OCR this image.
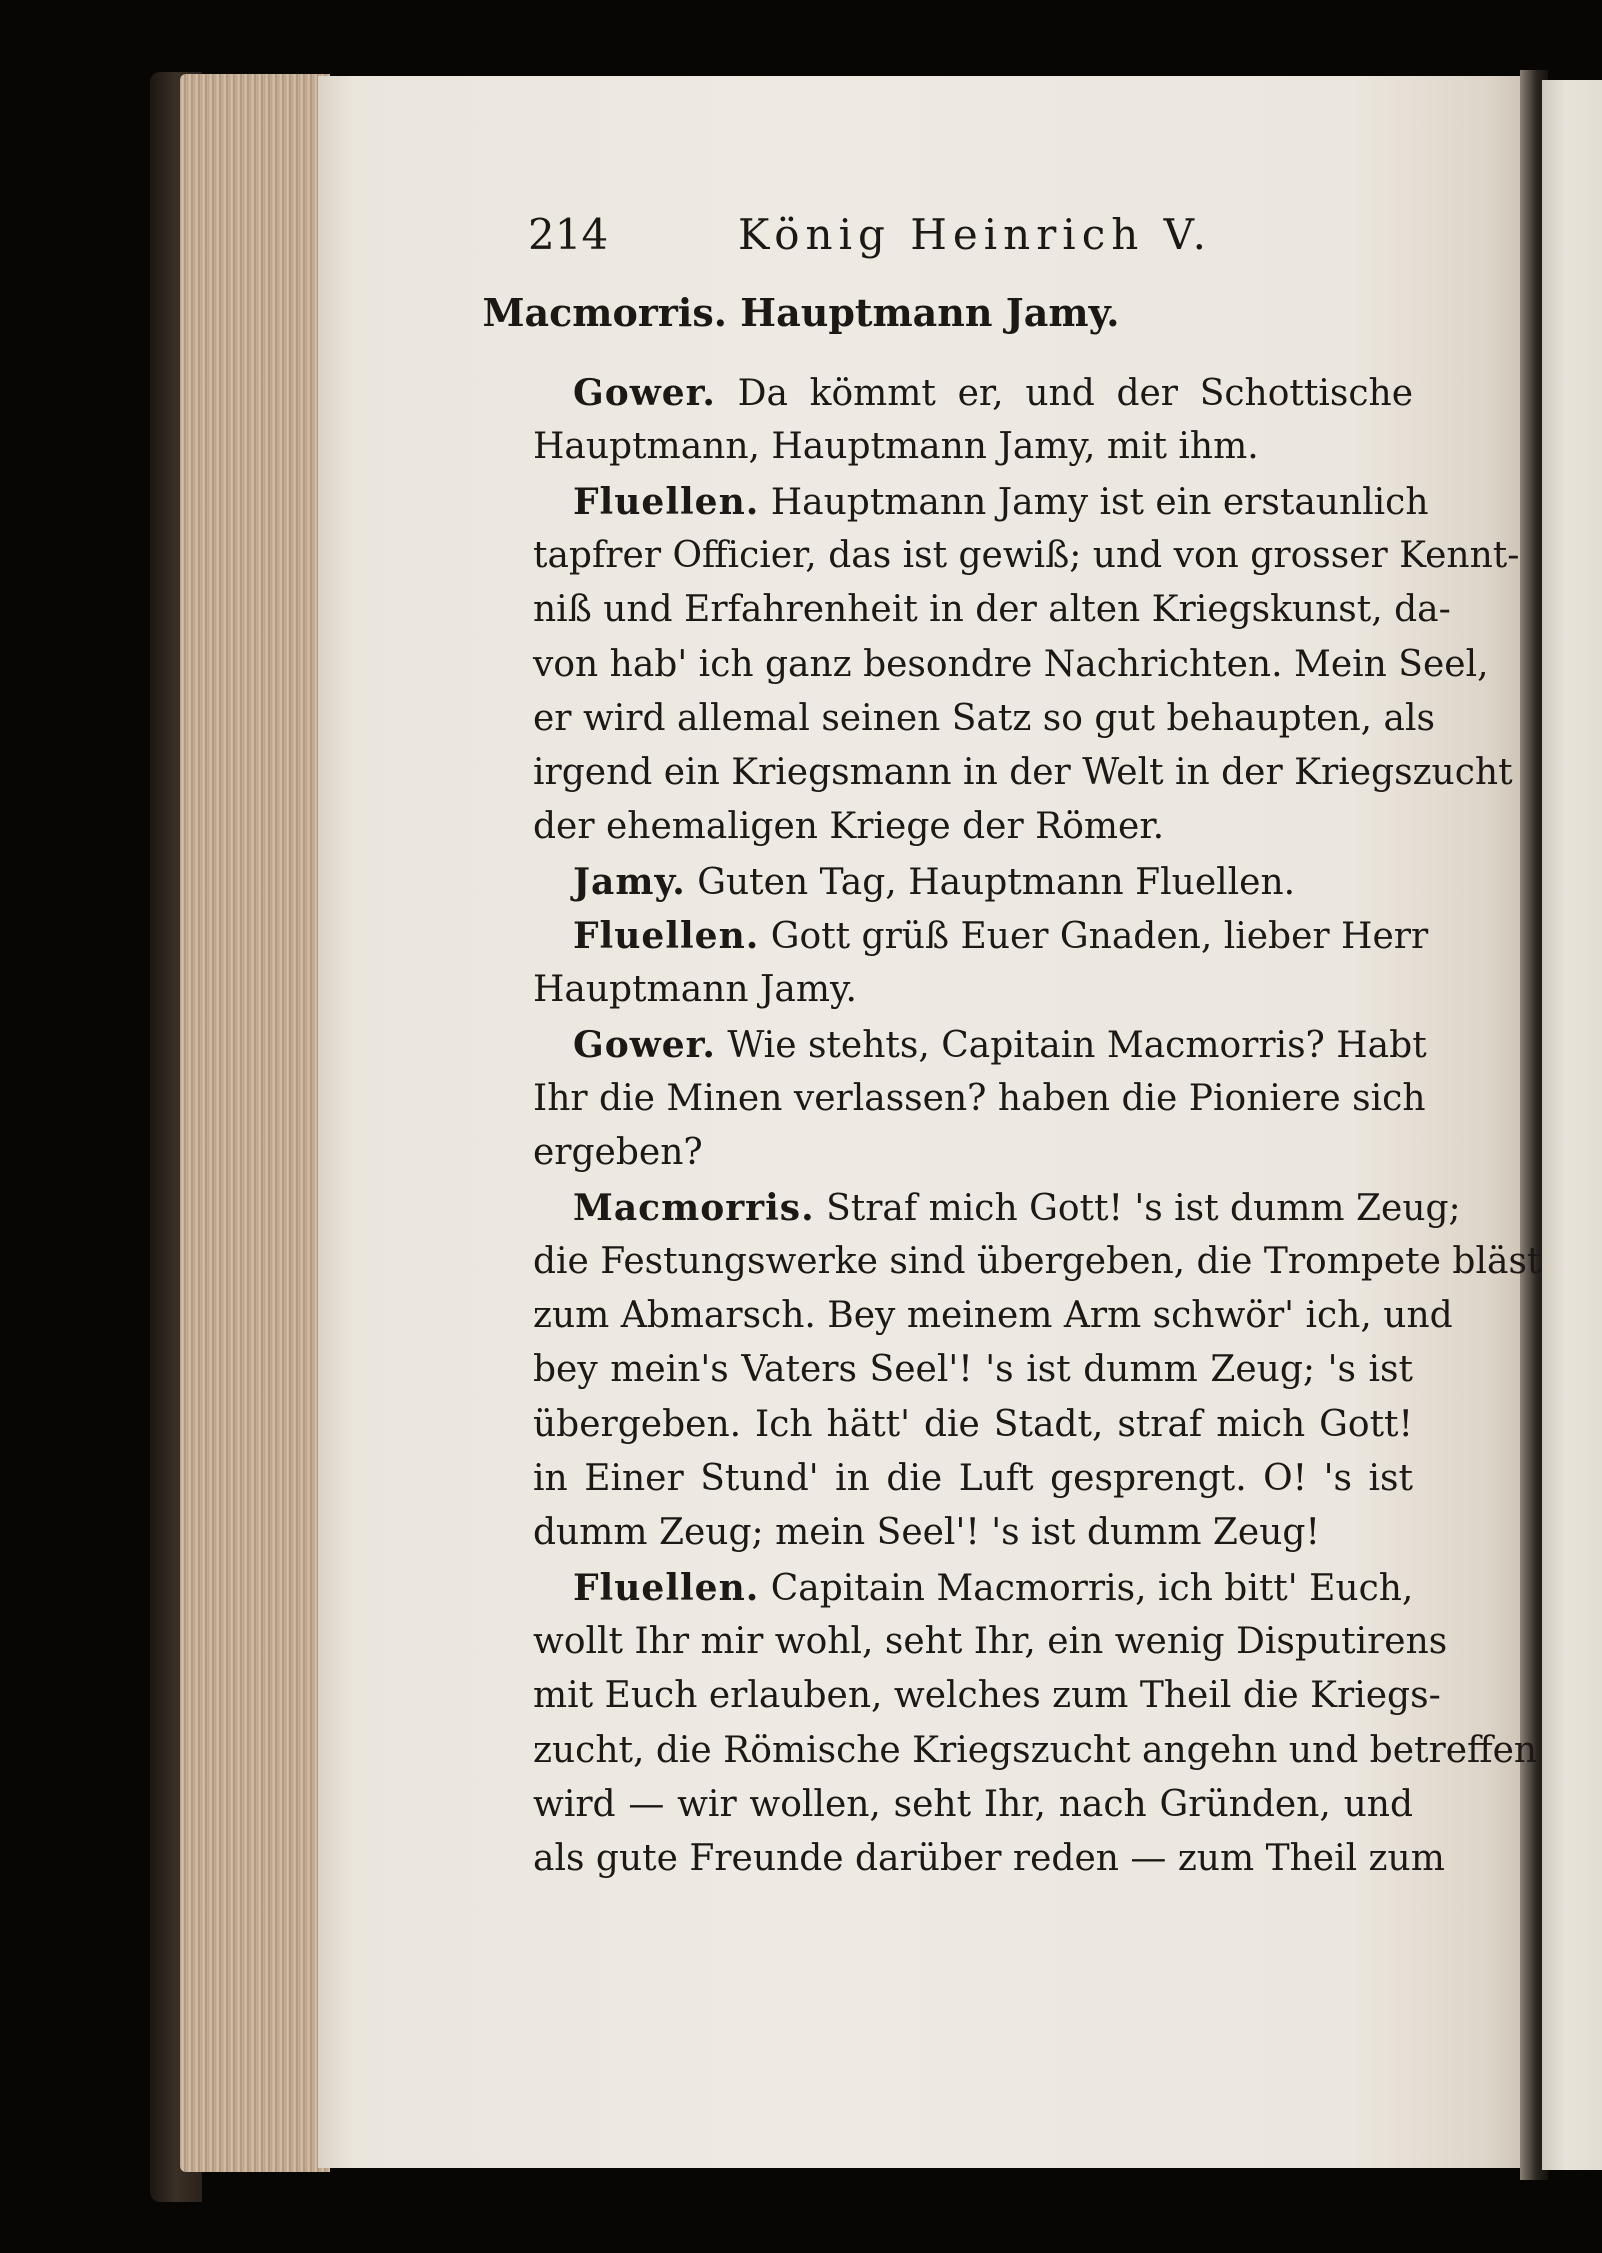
214	König Heinrich V.
Macmorris. Hauptmann Jamy.
Gower. Da kömmt er, und der Schottische
Hauptmann, Hauptmann Jamy, mit ihm.
Fluellen. Hauptmann Jamy ist ein erstaunlich
tapfrer Officier, das ist gewiß; und von grosser Kennt-
niß und Erfahrenheit in der alten Kriegskunst, da-
von hab' ich ganz besondre Nachrichten. Mein Seel,
er wird allemal seinen Satz so gut behaupten, als
irgend ein Kriegsmann in der Welt in der Kriegszucht
der ehemaligen Kriege der Römer.
Jamy. Guten Tag, Hauptmann Fluellen.
Fluellen. Gott grüß Euer Gnaden, lieber Herr
Hauptmann Jamy.
Gower. Wie stehts, Capitain Macmorris? Habt
Ihr die Minen verlassen? haben die Pioniere sich
ergeben?
Macmorris. Straf mich Gott! 's ist dumm Zeug;
die Festungswerke sind übergeben, die Trompete bläst
zum Abmarsch. Bey meinem Arm schwör' ich, und
bey mein's Vaters Seel'! 's ist dumm Zeug; 's ist
übergeben. Ich hätt' die Stadt, straf mich Gott!
in Einer Stund' in die Luft gesprengt. O! 's ist
dumm Zeug; mein Seel'! 's ist dumm Zeug!
Fluellen. Capitain Macmorris, ich bitt' Euch,
wollt Ihr mir wohl, seht Ihr, ein wenig Disputirens
mit Euch erlauben, welches zum Theil die Kriegs-
zucht, die Römische Kriegszucht angehn und betreffen
wird — wir wollen, seht Ihr, nach Gründen, und
als gute Freunde darüber reden — zum Theil zum
